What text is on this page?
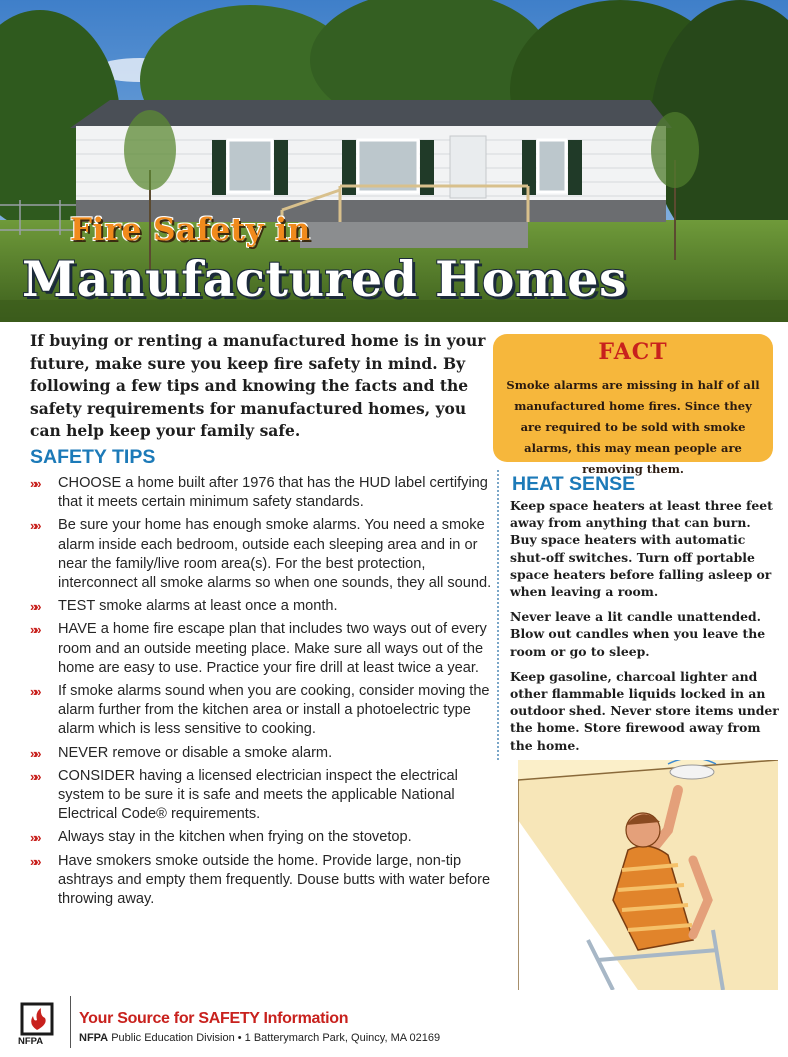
Fire Safety in
Manufactured Homes

If buying or renting a manufactured home is in your future, make sure you keep fire safety in mind. By following a few tips and knowing the facts and the safety requirements for manufactured homes, you can help keep your family safe.

FACT
Smoke alarms are missing in half of all manufactured home fires. Since they are required to be sold with smoke alarms, this may mean people are removing them.
SAFETY TIPS
»» CHOOSE a home built after 1976 that has the HUD label certifying that it meets certain minimum safety standards.
»» Be sure your home has enough smoke alarms. You need a smoke alarm inside each bedroom, outside each sleeping area and in or near the family/live room area(s). For the best protection, interconnect all smoke alarms so when one sounds, they all sound.
»» TEST smoke alarms at least once a month.
»» HAVE a home fire escape plan that includes two ways out of every room and an outside meeting place. Make sure all ways out of the home are easy to use. Practice your fire drill at least twice a year.
»» If smoke alarms sound when you are cooking, consider moving the alarm further from the kitchen area or install a photoelectric type alarm which is less sensitive to cooking.
»» NEVER remove or disable a smoke alarm.
»» CONSIDER having a licensed electrician inspect the electrical system to be sure it is safe and meets the applicable National Electrical Code® requirements.
»» Always stay in the kitchen when frying on the stovetop.
»» Have smokers smoke outside the home. Provide large, non-tip ashtrays and empty them frequently. Douse butts with water before throwing away.
HEAT SENSE

Keep space heaters at least three feet away from anything that can burn. Buy space heaters with automatic shut-off switches. Turn off portable space heaters before falling asleep or when leaving a room.

Never leave a lit candle unattended. Blow out candles when you leave the room or go to sleep.

Keep gasoline, charcoal lighter and other flammable liquids locked in an outdoor shed. Never store items under the home. Store firewood away from the home.

Your Source for SAFETY Information

NFPA Public Education Division • 1 Batterymarch Park, Quincy, MA 02169

NFPA
